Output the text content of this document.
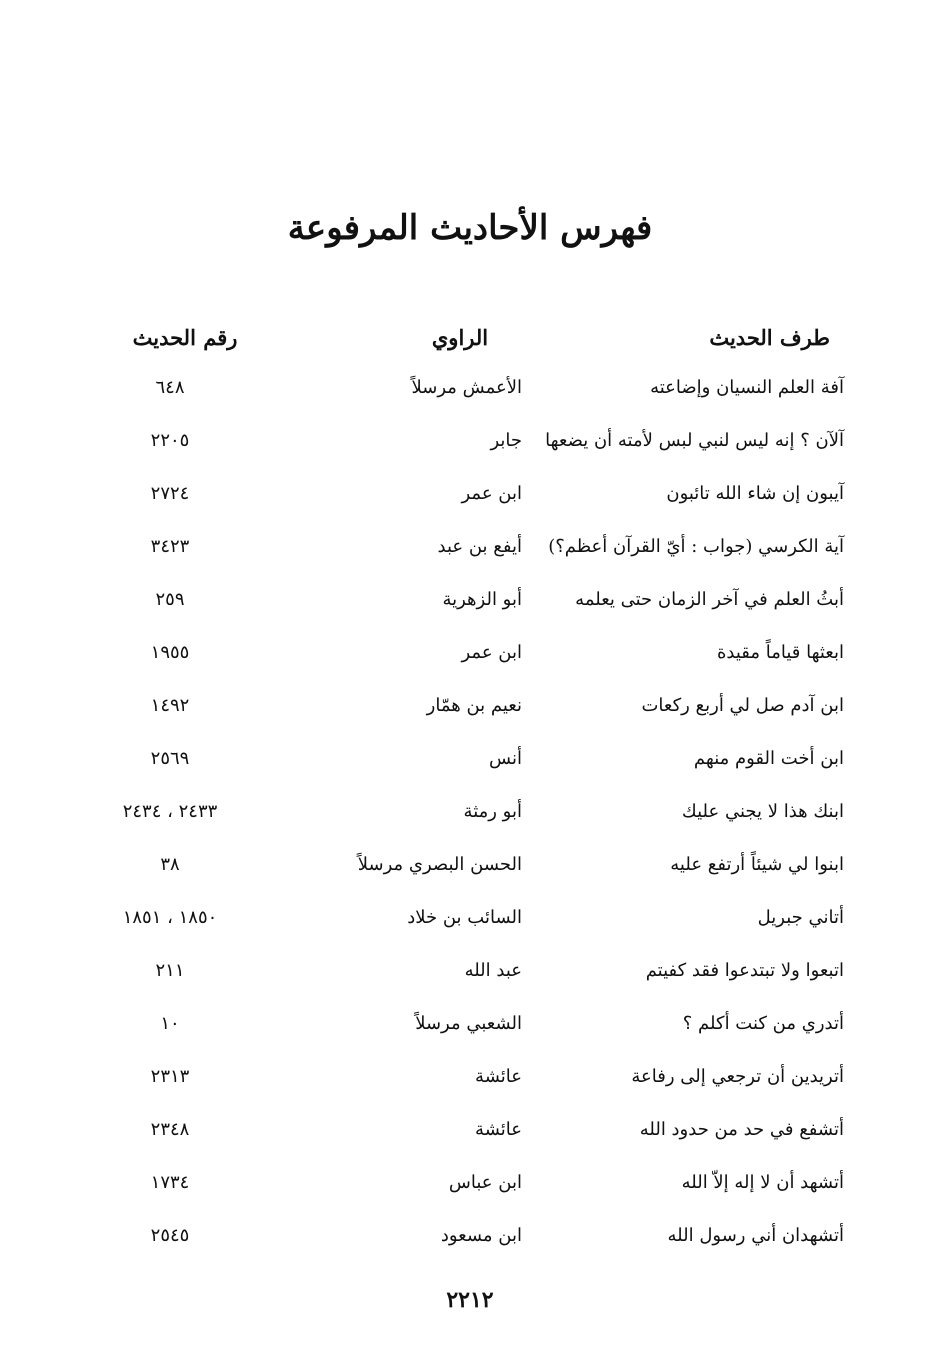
فهرس الأحاديث المرفوعة
طرف الحديث
الراوي
رقم الحديث
آفة العلم النسيان وإضاعته
الأعمش مرسلاً
٦٤٨
آلآن ؟ إنه ليس لنبي لبس لأمته أن يضعها
جابر
٢٢٠٥
آيبون إن شاء الله تائبون
ابن عمر
٢٧٢٤
آية الكرسي (جواب : أيّ القرآن أعظم؟)
أيفع بن عبد
٣٤٢٣
أبثُ العلم في آخر الزمان حتى يعلمه
أبو الزهرية
٢٥٩
ابعثها قياماً مقيدة
ابن عمر
١٩٥٥
ابن آدم صل لي أربع ركعات
نعيم بن همّار
١٤٩٢
ابن أخت القوم منهم
أنس
٢٥٦٩
ابنك هذا لا يجني عليك
أبو رمثة
٢٤٣٣ ، ٢٤٣٤
ابنوا لي شيئاً أرتفع عليه
الحسن البصري مرسلاً
٣٨
أتاني جبريل
السائب بن خلاد
١٨٥٠ ، ١٨٥١
اتبعوا ولا تبتدعوا فقد كفيتم
عبد الله
٢١١
أتدري من كنت أكلم ؟
الشعبي مرسلاً
١٠
أتريدين أن ترجعي إلى رفاعة
عائشة
٢٣١٣
أتشفع في حد من حدود الله
عائشة
٢٣٤٨
أتشهد أن لا إله إلاّ الله
ابن عباس
١٧٣٤
أتشهدان أني رسول الله
ابن مسعود
٢٥٤٥
٢٢١٢
